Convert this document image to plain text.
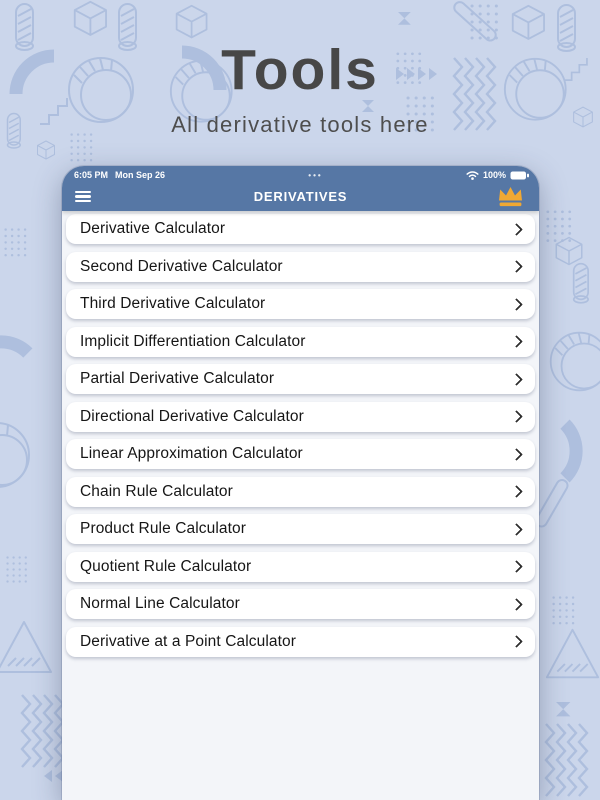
Tools
All derivative tools here
6:05 PM Mon Sep 26	•••	100%
DERIVATIVES
Derivative Calculator
Second Derivative Calculator
Third Derivative Calculator
Implicit Differentiation Calculator
Partial Derivative Calculator
Directional Derivative Calculator
Linear Approximation Calculator
Chain Rule Calculator
Product Rule Calculator
Quotient Rule Calculator
Normal Line Calculator
Derivative at a Point Calculator
